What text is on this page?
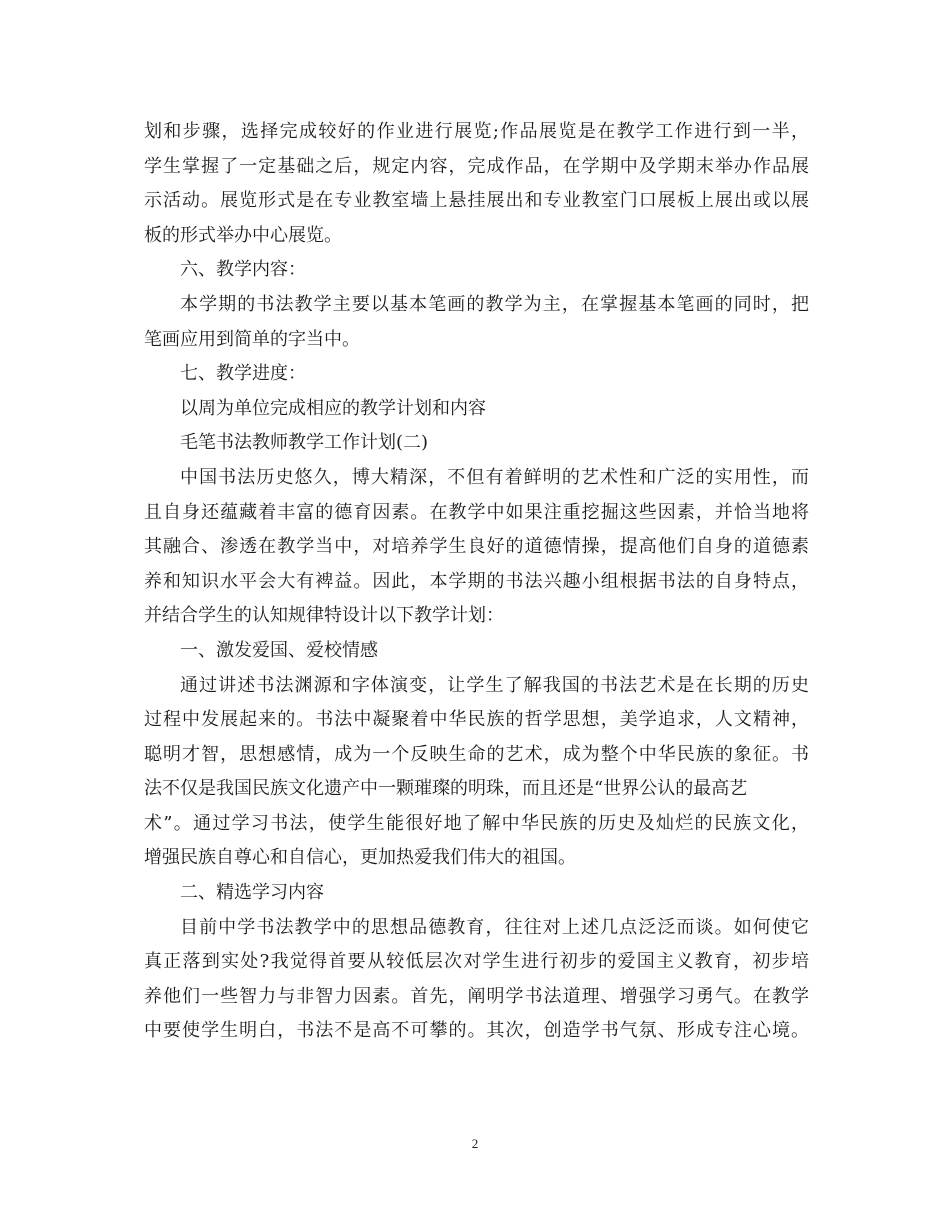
划和步骤，选择完成较好的作业进行展览;作品展览是在教学工作进行到一半，
学生掌握了一定基础之后，规定内容，完成作品，在学期中及学期末举办作品展
示活动。展览形式是在专业教室墙上悬挂展出和专业教室门口展板上展出或以展
板的形式举办中心展览。
六、教学内容：
本学期的书法教学主要以基本笔画的教学为主，在掌握基本笔画的同时，把
笔画应用到简单的字当中。
七、教学进度：
以周为单位完成相应的教学计划和内容
毛笔书法教师教学工作计划(二)
中国书法历史悠久，博大精深，不但有着鲜明的艺术性和广泛的实用性，而
且自身还蕴藏着丰富的德育因素。在教学中如果注重挖掘这些因素，并恰当地将
其融合、渗透在教学当中，对培养学生良好的道德情操，提高他们自身的道德素
养和知识水平会大有裨益。因此，本学期的书法兴趣小组根据书法的自身特点，
并结合学生的认知规律特设计以下教学计划：
一、激发爱国、爱校情感
通过讲述书法渊源和字体演变，让学生了解我国的书法艺术是在长期的历史
过程中发展起来的。书法中凝聚着中华民族的哲学思想，美学追求，人文精神，
聪明才智，思想感情，成为一个反映生命的艺术，成为整个中华民族的象征。书
法不仅是我国民族文化遗产中一颗璀璨的明珠，而且还是“世界公认的最高艺
术”。通过学习书法，使学生能很好地了解中华民族的历史及灿烂的民族文化，
增强民族自尊心和自信心，更加热爱我们伟大的祖国。
二、精选学习内容
目前中学书法教学中的思想品德教育，往往对上述几点泛泛而谈。如何使它
真正落到实处?我觉得首要从较低层次对学生进行初步的爱国主义教育，初步培
养他们一些智力与非智力因素。首先，阐明学书法道理、增强学习勇气。在教学
中要使学生明白，书法不是高不可攀的。其次，创造学书气氛、形成专注心境。
2
